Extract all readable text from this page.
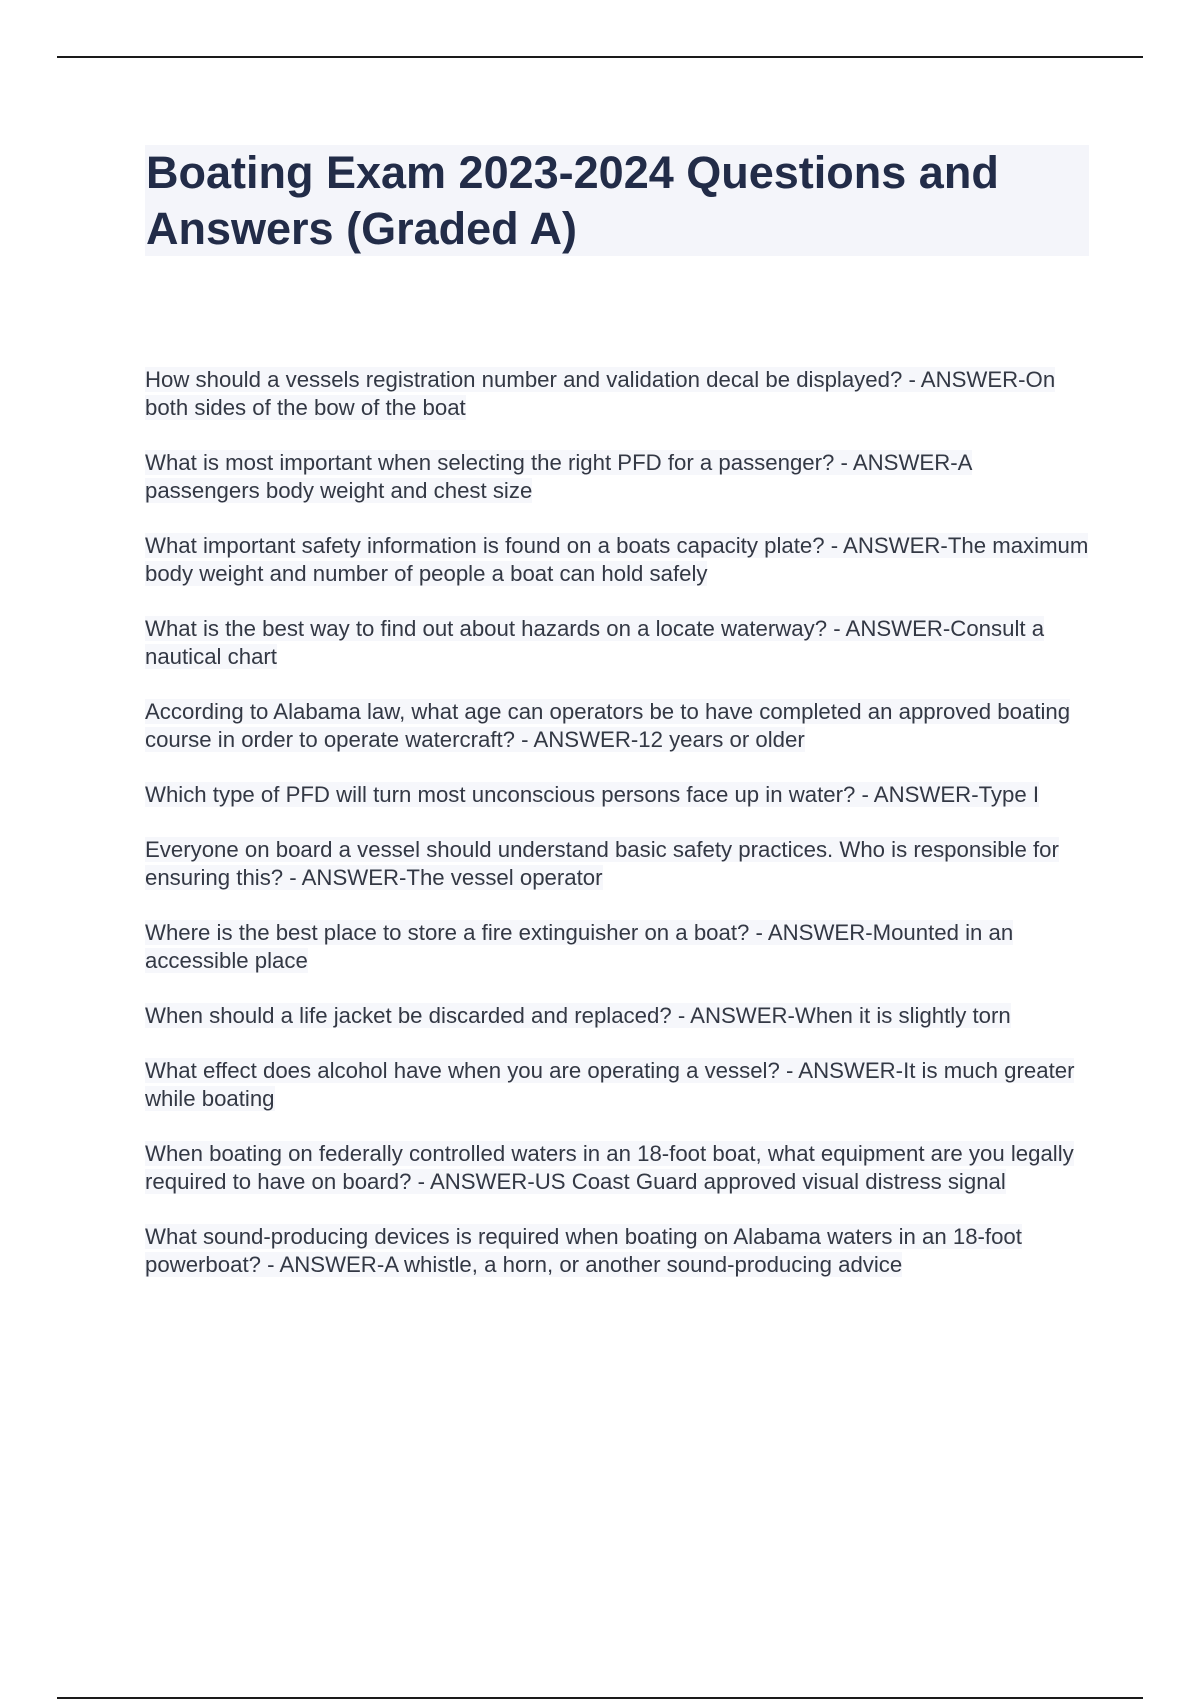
Boating Exam 2023-2024 Questions and Answers (Graded A)
How should a vessels registration number and validation decal be displayed? - ANSWER-On both sides of the bow of the boat
What is most important when selecting the right PFD for a passenger? - ANSWER-A passengers body weight and chest size
What important safety information is found on a boats capacity plate? - ANSWER-The maximum body weight and number of people a boat can hold safely
What is the best way to find out about hazards on a locate waterway? - ANSWER-Consult a nautical chart
According to Alabama law, what age can operators be to have completed an approved boating course in order to operate watercraft? - ANSWER-12 years or older
Which type of PFD will turn most unconscious persons face up in water? - ANSWER-Type I
Everyone on board a vessel should understand basic safety practices. Who is responsible for ensuring this? - ANSWER-The vessel operator
Where is the best place to store a fire extinguisher on a boat? - ANSWER-Mounted in an accessible place
When should a life jacket be discarded and replaced? - ANSWER-When it is slightly torn
What effect does alcohol have when you are operating a vessel? - ANSWER-It is much greater while boating
When boating on federally controlled waters in an 18-foot boat, what equipment are you legally required to have on board? - ANSWER-US Coast Guard approved visual distress signal
What sound-producing devices is required when boating on Alabama waters in an 18-foot powerboat? - ANSWER-A whistle, a horn, or another sound-producing advice
